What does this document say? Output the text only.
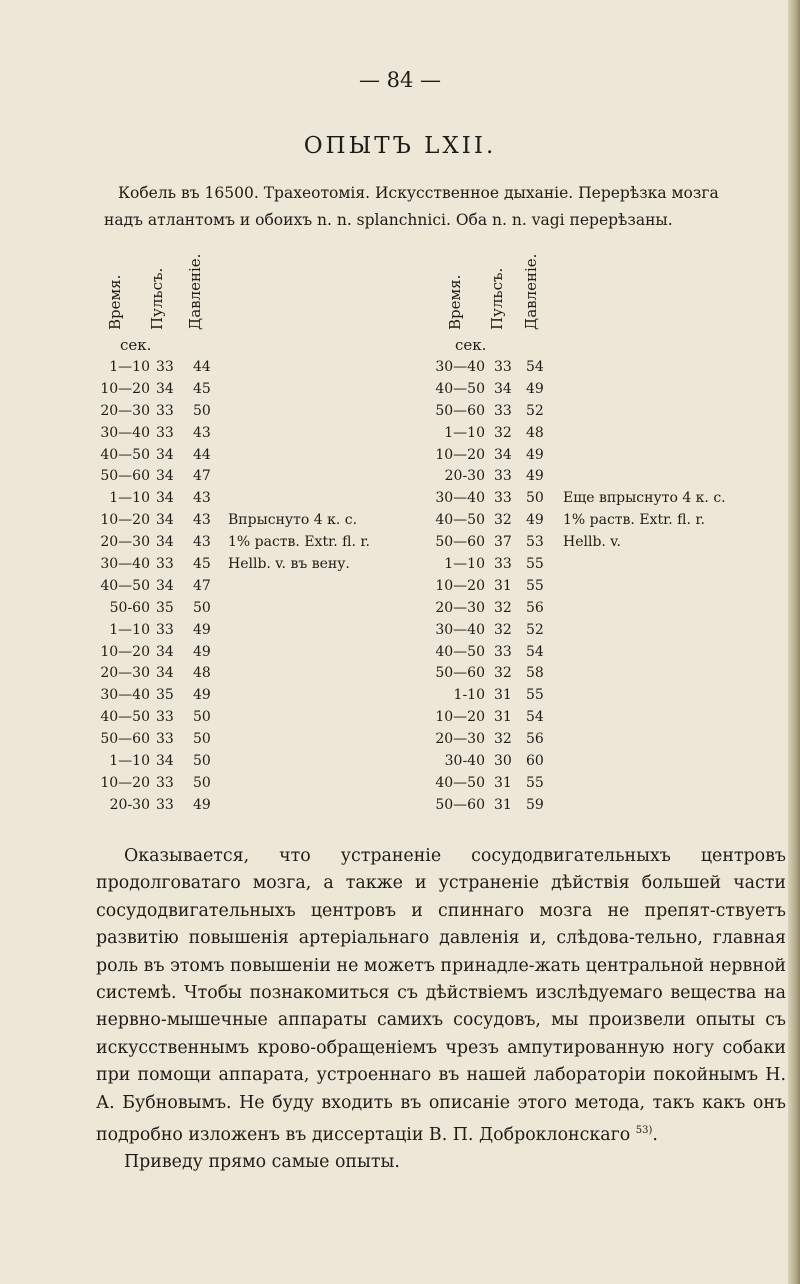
— 84 —
ОПЫТЪ LXII.

Кобель въ 16500. Трахеотомія. Искусственное дыханіе. Перерѣзка мозга

надъ атлантомъ и обоихъ n. n. splanchnici. Оба n. n. vagi перерѣзаны.

Время. Пульсъ. Давленіе.
сек.
Время. Пульсъ. Давленіе.
сек.
1—10 33 44
10—20 34 45
20—30 33 50
30—40 33 43
40—50 34 44
50—60 34 47
1—10 34 43
10—20 34 43
20—30 34 43
30—40 33 45
40—50 34 47
50-60 35 50
1—10 33 49
10—20 34 49
20—30 34 48
30—40 35 49
40—50 33 50
50—60 33 50
1—10 34 50
10—20 33 50
20-30 33 49
30—40 33 54
40—50 34 49
50—60 33 52
1—10 32 48
10—20 34 49
20-30 33 49
30—40 33 50
40—50 32 49
50—60 37 53
1—10 33 55
10—20 31 55
20—30 32 56
30—40 32 52
40—50 33 54
50—60 32 58
1-10 31 55
10—20 31 54
20—30 32 56
30-40 30 60
40—50 31 55
50—60 31 59
Впрыснуто 4 к. с.
1% раств. Extr. fl. r.
Hellb. v. въ вену.
Еще впрыснуто 4 к. с.
1% раств. Extr. fl. r.
Hellb. v.

Оказывается, что устраненіе сосудодвигательныхъ центровъ продолговатаго мозга, а также и устраненіе дѣйствія большей части сосудодвигательныхъ центровъ и спиннаго мозга не препят-ствуетъ развитію повышенія артеріальнаго давленія и, слѣдова-тельно, главная роль въ этомъ повышеніи не можетъ принадле-жать центральной нервной системѣ. Чтобы познакомиться съ дѣйствіемъ изслѣдуемаго вещества на нервно-мышечные аппараты самихъ сосудовъ, мы произвели опыты съ искусственнымъ крово-обращеніемъ чрезъ ампутированную ногу собаки при помощи аппарата, устроеннаго въ нашей лабораторіи покойнымъ Н. А. Бубновымъ. Не буду входить въ описаніе этого метода, такъ какъ онъ подробно изложенъ въ диссертаціи В. П. Доброклонскаго $^{53)}$.

Приведу прямо самые опыты.
